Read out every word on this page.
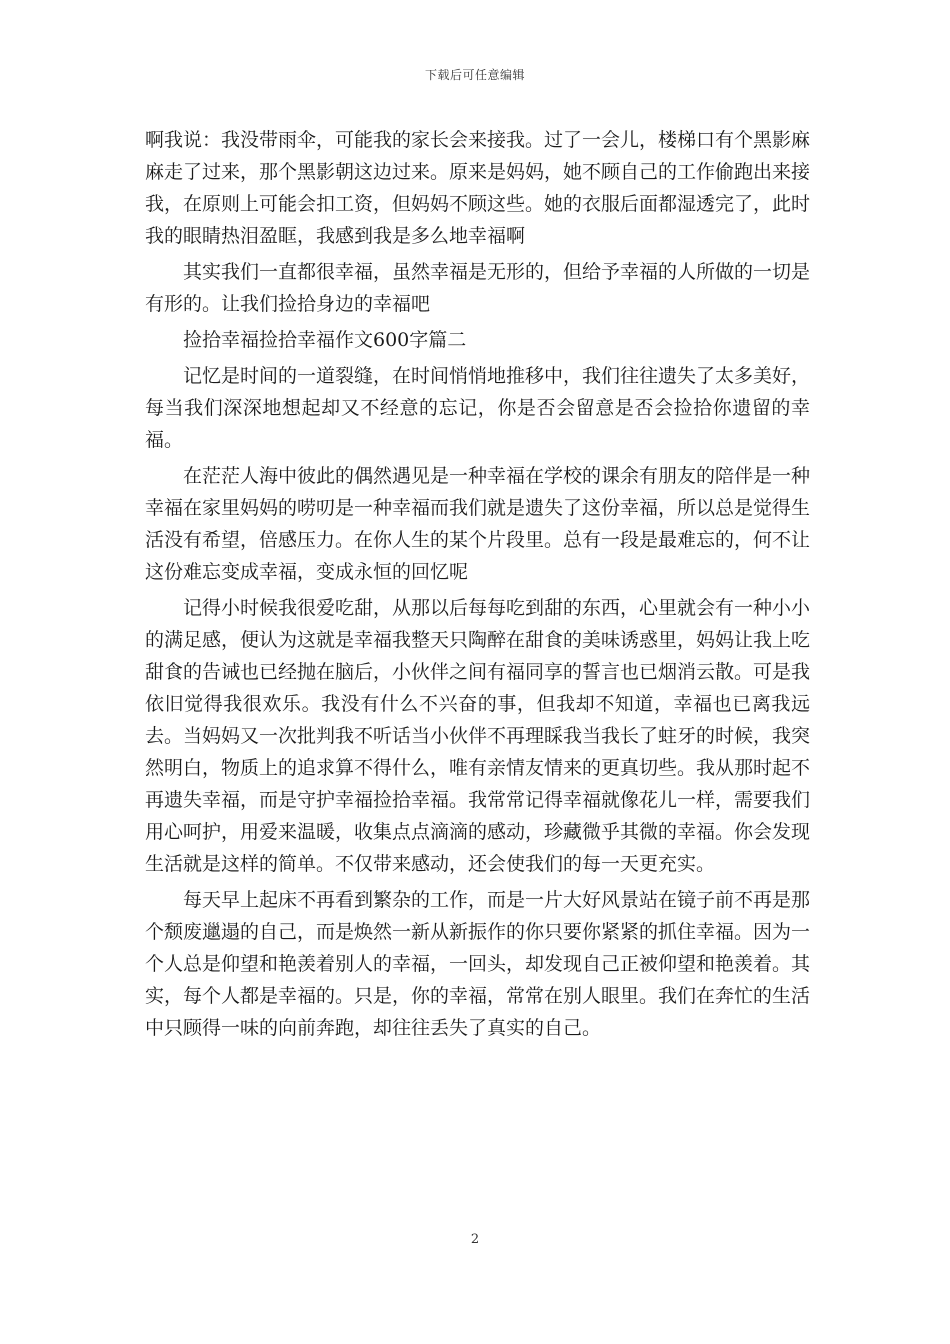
下载后可任意编辑

啊我说：我没带雨伞，可能我的家长会来接我。过了一会儿，楼梯口有个黑影麻麻走了过来，那个黑影朝这边过来。原来是妈妈，她不顾自己的工作偷跑出来接我，在原则上可能会扣工资，但妈妈不顾这些。她的衣服后面都湿透完了，此时我的眼睛热泪盈眶，我感到我是多么地幸福啊

其实我们一直都很幸福，虽然幸福是无形的，但给予幸福的人所做的一切是有形的。让我们捡拾身边的幸福吧

捡拾幸福捡拾幸福作文600字篇二

记忆是时间的一道裂缝，在时间悄悄地推移中，我们往往遗失了太多美好，每当我们深深地想起却又不经意的忘记，你是否会留意是否会捡拾你遗留的幸福。

在茫茫人海中彼此的偶然遇见是一种幸福在学校的课余有朋友的陪伴是一种幸福在家里妈妈的唠叨是一种幸福而我们就是遗失了这份幸福，所以总是觉得生活没有希望，倍感压力。在你人生的某个片段里。总有一段是最难忘的，何不让这份难忘变成幸福，变成永恒的回忆呢

记得小时候我很爱吃甜，从那以后每每吃到甜的东西，心里就会有一种小小的满足感，便认为这就是幸福我整天只陶醉在甜食的美味诱惑里，妈妈让我上吃甜食的告诫也已经抛在脑后，小伙伴之间有福同享的誓言也已烟消云散。可是我依旧觉得我很欢乐。我没有什么不兴奋的事，但我却不知道，幸福也已离我远去。当妈妈又一次批判我不听话当小伙伴不再理睬我当我长了蛀牙的时候，我突然明白，物质上的追求算不得什么，唯有亲情友情来的更真切些。我从那时起不再遗失幸福，而是守护幸福捡拾幸福。我常常记得幸福就像花儿一样，需要我们用心呵护，用爱来温暖，收集点点滴滴的感动，珍藏微乎其微的幸福。你会发现生活就是这样的简单。不仅带来感动，还会使我们的每一天更充实。

每天早上起床不再看到繁杂的工作，而是一片大好风景站在镜子前不再是那个颓废邋遢的自己，而是焕然一新从新振作的你只要你紧紧的抓住幸福。因为一个人总是仰望和艳羡着别人的幸福，一回头，却发现自己正被仰望和艳羡着。其实，每个人都是幸福的。只是，你的幸福，常常在别人眼里。我们在奔忙的生活中只顾得一味的向前奔跑，却往往丢失了真实的自己。

2
